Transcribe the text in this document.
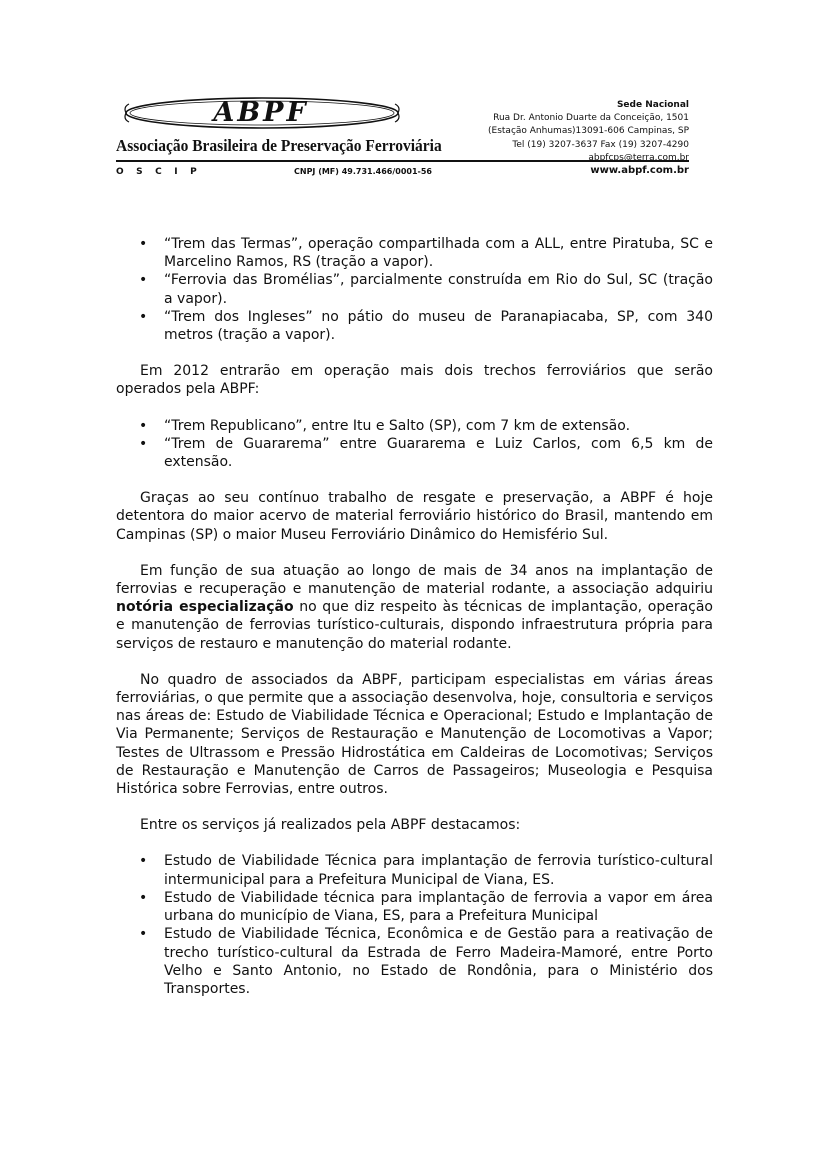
ABPF
Associação Brasileira de Preservação Ferroviária
OSCIP	CNPJ (MF) 49.731.466/0001-56
Sede Nacional
Rua Dr. Antonio Duarte da Conceição, 1501
(Estação Anhumas)13091-606 Campinas, SP
Tel (19) 3207-3637 Fax (19) 3207-4290
abpfcps@terra.com.br
www.abpf.com.br
• “Trem das Termas”, operação compartilhada com a ALL, entre Piratuba, SC e Marcelino Ramos, RS (tração a vapor).
• “Ferrovia das Bromélias”, parcialmente construída em Rio do Sul, SC (tração a vapor).
• “Trem dos Ingleses” no pátio do museu de Paranapiacaba, SP, com 340 metros (tração a vapor).

Em 2012 entrarão em operação mais dois trechos ferroviários que serão operados pela ABPF:

• “Trem Republicano”, entre Itu e Salto (SP), com 7 km de extensão.
• “Trem de Guararema” entre Guararema e Luiz Carlos, com 6,5 km de extensão.

Graças ao seu contínuo trabalho de resgate e preservação, a ABPF é hoje detentora do maior acervo de material ferroviário histórico do Brasil, mantendo em Campinas (SP) o maior Museu Ferroviário Dinâmico do Hemisfério Sul.

Em função de sua atuação ao longo de mais de 34 anos na implantação de ferrovias e recuperação e manutenção de material rodante, a associação adquiriu notória especialização no que diz respeito às técnicas de implantação, operação e manutenção de ferrovias turístico-culturais, dispondo infraestrutura própria para serviços de restauro e manutenção do material rodante.

No quadro de associados da ABPF, participam especialistas em várias áreas ferroviárias, o que permite que a associação desenvolva, hoje, consultoria e serviços nas áreas de: Estudo de Viabilidade Técnica e Operacional; Estudo e Implantação de Via Permanente; Serviços de Restauração e Manutenção de Locomotivas a Vapor; Testes de Ultrassom e Pressão Hidrostática em Caldeiras de Locomotivas; Serviços de Restauração e Manutenção de Carros de Passageiros; Museologia e Pesquisa Histórica sobre Ferrovias, entre outros.

Entre os serviços já realizados pela ABPF destacamos:

• Estudo de Viabilidade Técnica para implantação de ferrovia turístico-cultural intermunicipal para a Prefeitura Municipal de Viana, ES.
• Estudo de Viabilidade técnica para implantação de ferrovia a vapor em área urbana do município de Viana, ES, para a Prefeitura Municipal
• Estudo de Viabilidade Técnica, Econômica e de Gestão para a reativação de trecho turístico-cultural da Estrada de Ferro Madeira-Mamoré, entre Porto Velho e Santo Antonio, no Estado de Rondônia, para o Ministério dos Transportes.
